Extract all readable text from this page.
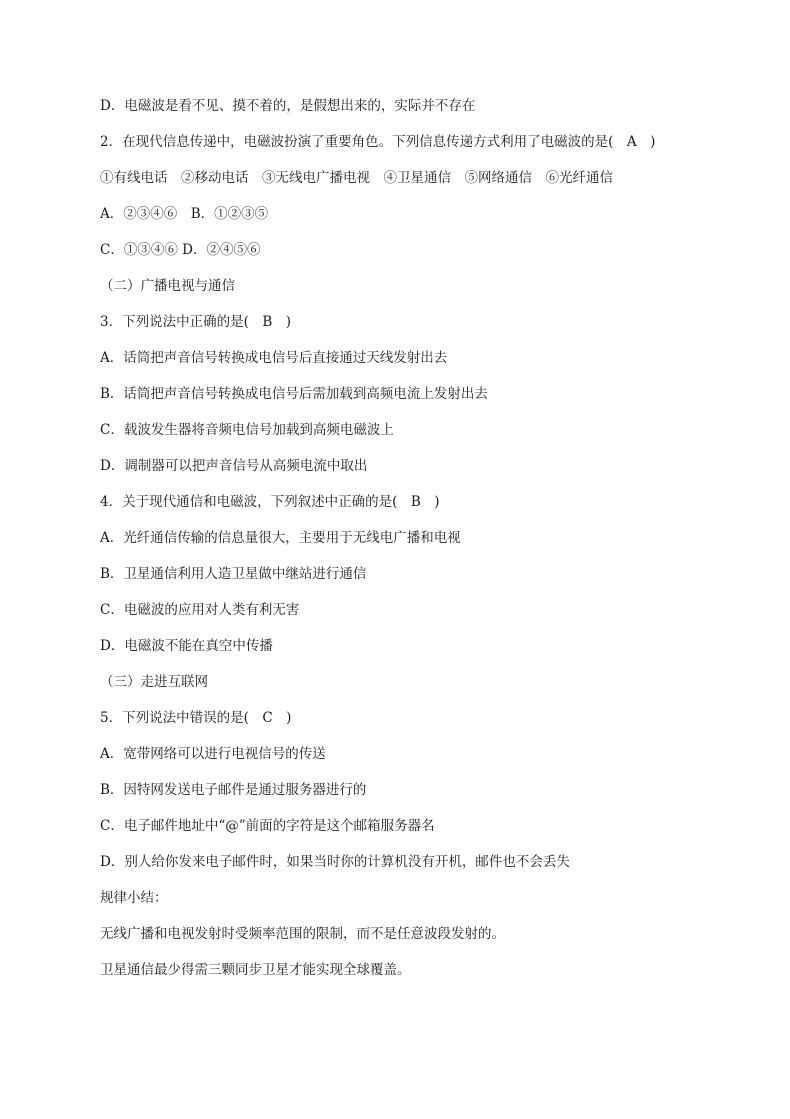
D．电磁波是看不见、摸不着的，是假想出来的，实际并不存在
2．在现代信息传递中，电磁波扮演了重要角色。下列信息传递方式利用了电磁波的是(　A　)
①有线电话　②移动电话　③无线电广播电视　④卫星通信　⑤网络通信　⑥光纤通信
A．②③④⑥　B．①②③⑤
C．①③④⑥ D．②④⑤⑥
（二）广播电视与通信
3．下列说法中正确的是(　B　)
A．话筒把声音信号转换成电信号后直接通过天线发射出去
B．话筒把声音信号转换成电信号后需加载到高频电流上发射出去
C．载波发生器将音频电信号加载到高频电磁波上
D．调制器可以把声音信号从高频电流中取出
4．关于现代通信和电磁波，下列叙述中正确的是(　B　)
A．光纤通信传输的信息量很大，主要用于无线电广播和电视
B．卫星通信利用人造卫星做中继站进行通信
C．电磁波的应用对人类有利无害
D．电磁波不能在真空中传播
（三）走进互联网
5．下列说法中错误的是(　C　)
A．宽带网络可以进行电视信号的传送
B．因特网发送电子邮件是通过服务器进行的
C．电子邮件地址中“@”前面的字符是这个邮箱服务器名
D．别人给你发来电子邮件时，如果当时你的计算机没有开机，邮件也不会丢失
规律小结：
无线广播和电视发射时受频率范围的限制，而不是任意波段发射的。
卫星通信最少得需三颗同步卫星才能实现全球覆盖。
